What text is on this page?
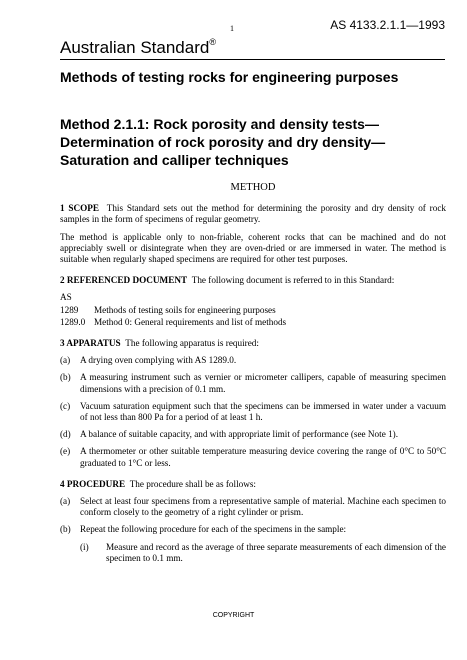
1	AS 4133.2.1.1—1993
Australian Standard®
Methods of testing rocks for engineering purposes
Method 2.1.1: Rock porosity and density tests—Determination of rock porosity and dry density—Saturation and calliper techniques
METHOD

1 SCOPE This Standard sets out the method for determining the porosity and dry density of rock samples in the form of specimens of regular geometry.

The method is applicable only to non-friable, coherent rocks that can be machined and do not appreciably swell or disintegrate when they are oven-dried or are immersed in water. The method is suitable when regularly shaped specimens are required for other test purposes.

2 REFERENCED DOCUMENT The following document is referred to in this Standard:

AS
1289	Methods of testing soils for engineering purposes
1289.0 Method 0: General requirements and list of methods

3 APPARATUS The following apparatus is required:

(a)	A drying oven complying with AS 1289.0.
(b)	A measuring instrument such as vernier or micrometer callipers, capable of measuring specimen dimensions with a precision of 0.1 mm.
(c)	Vacuum saturation equipment such that the specimens can be immersed in water under a vacuum of not less than 800 Pa for a period of at least 1 h.
(d)	A balance of suitable capacity, and with appropriate limit of performance (see Note 1).
(e)	A thermometer or other suitable temperature measuring device covering the range of 0°C to 50°C graduated to 1°C or less.

4 PROCEDURE The procedure shall be as follows:

(a)	Select at least four specimens from a representative sample of material. Machine each specimen to conform closely to the geometry of a right cylinder or prism.
(b)	Repeat the following procedure for each of the specimens in the sample:
(i)	Measure and record as the average of three separate measurements of each dimension of the specimen to 0.1 mm.
COPYRIGHT
